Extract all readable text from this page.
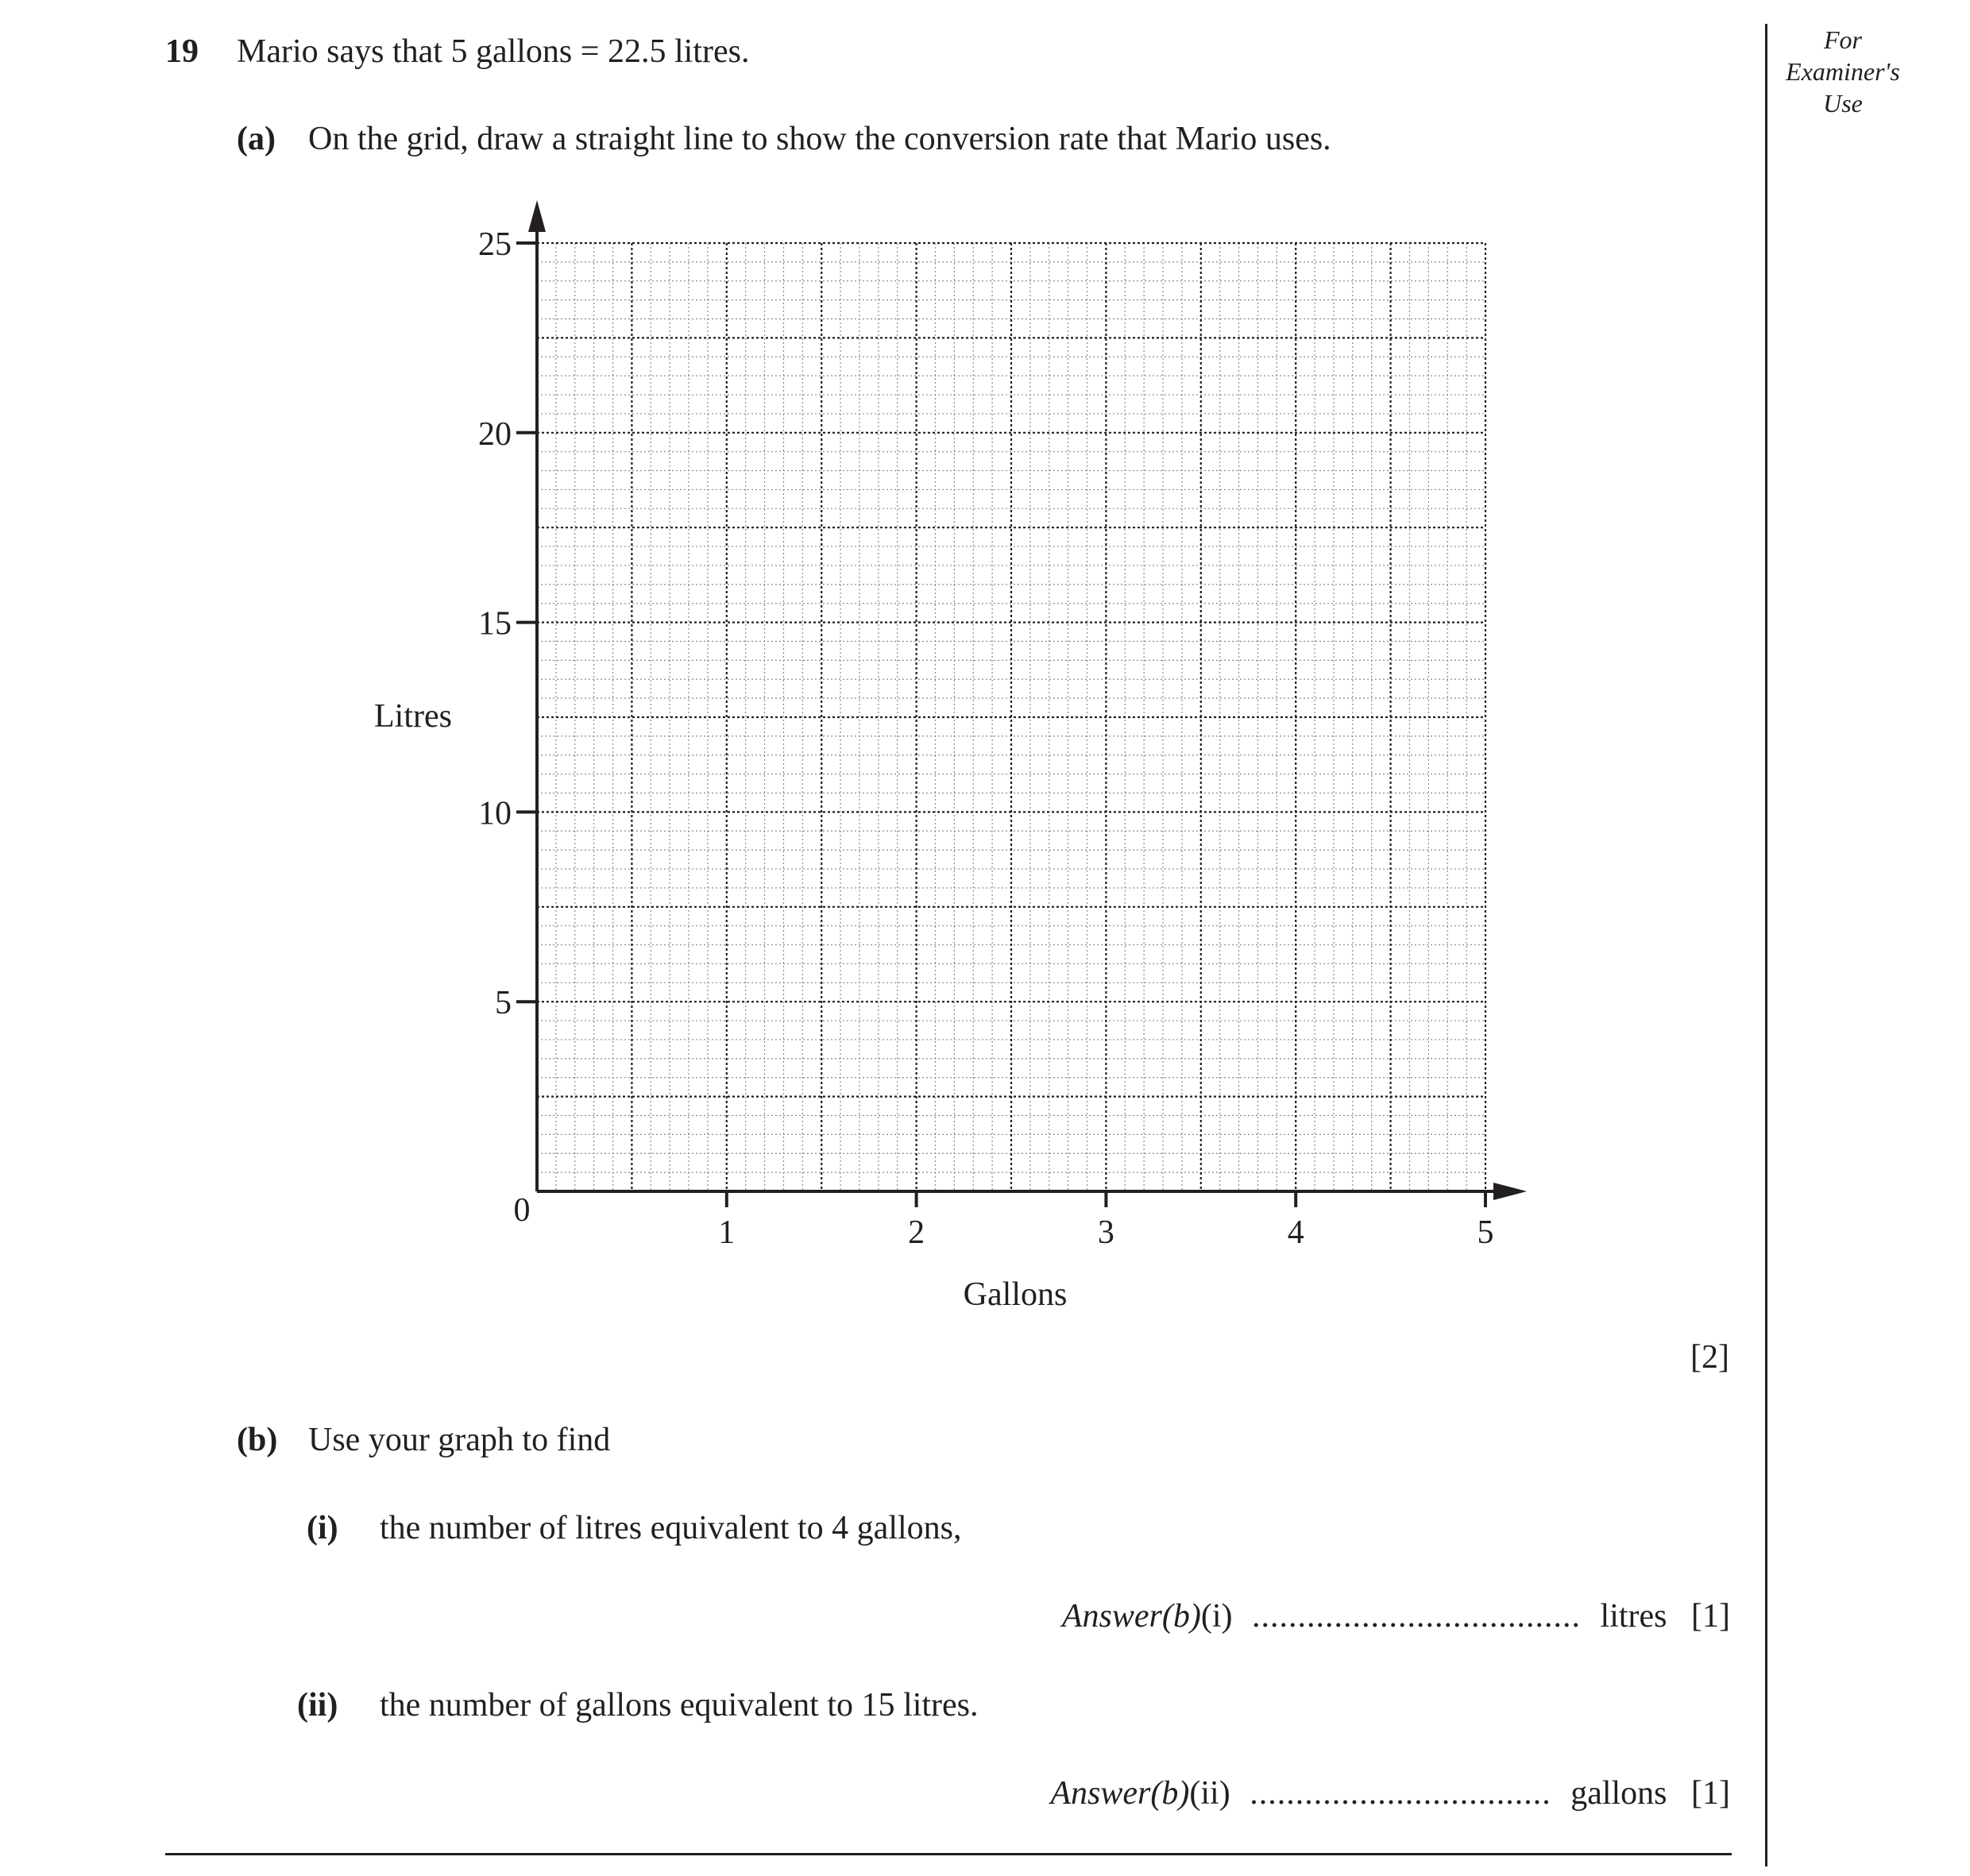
For
Examiner's
Use
19 Mario says that 5 gallons = 22.5 litres.
(a) On the grid, draw a straight line to show the conversion rate that Mario uses.
1	2	3	4	5
5
10
15
20
25
Gallons
Litres
0
[2]
(b) Use your graph to find
(i) the number of litres equivalent to 4 gallons,
Answer(b)(i) .................................... litres [1]
(ii) the number of gallons equivalent to 15 litres.
Answer(b)(ii) ................................. gallons [1]
